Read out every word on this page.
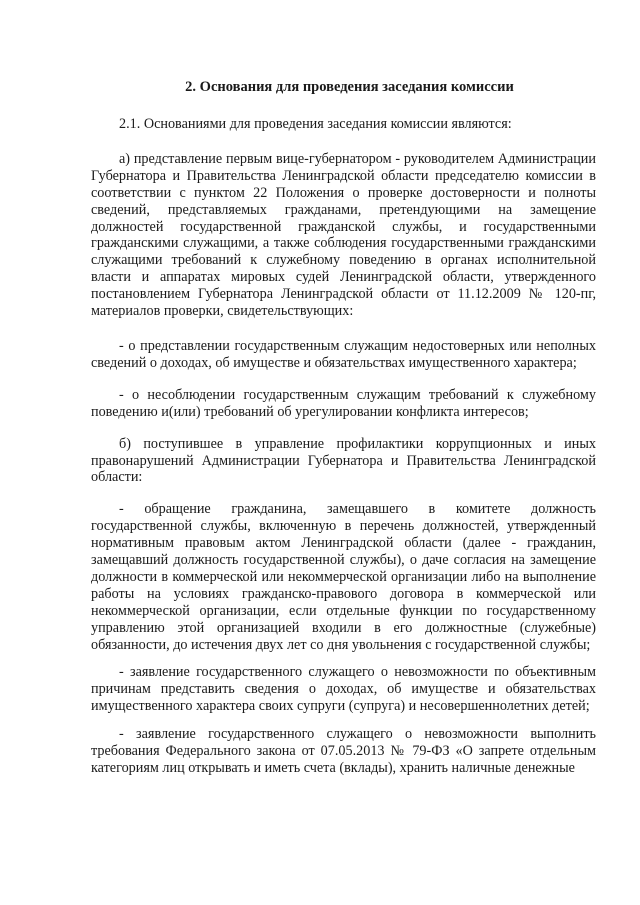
2. Основания для проведения заседания комиссии

2.1. Основаниями для проведения заседания комиссии являются:

а) представление первым вице-губернатором - руководителем Администрации Губернатора и Правительства Ленинградской области председателю комиссии в соответствии с пунктом 22 Положения о проверке достоверности и полноты сведений, представляемых гражданами, претендующими на замещение должностей государственной гражданской службы, и государственными гражданскими служащими, а также соблюдения государственными гражданскими служащими требований к служебному поведению в органах исполнительной власти и аппаратах мировых судей Ленинградской области, утвержденного постановлением Губернатора Ленинградской области от 11.12.2009 № 120-пг, материалов проверки, свидетельствующих:

- о представлении государственным служащим недостоверных или неполных сведений о доходах, об имуществе и обязательствах имущественного характера;

- о несоблюдении государственным служащим требований к служебному поведению и(или) требований об урегулировании конфликта интересов;

б) поступившее в управление профилактики коррупционных и иных правонарушений Администрации Губернатора и Правительства Ленинградской области:

- обращение гражданина, замещавшего в комитете должность государственной службы, включенную в перечень должностей, утвержденный нормативным правовым актом Ленинградской области (далее - гражданин, замещавший должность государственной службы), о даче согласия на замещение должности в коммерческой или некоммерческой организации либо на выполнение работы на условиях гражданско-правового договора в коммерческой или некоммерческой организации, если отдельные функции по государственному управлению этой организацией входили в его должностные (служебные) обязанности, до истечения двух лет со дня увольнения с государственной службы;

- заявление государственного служащего о невозможности по объективным причинам представить сведения о доходах, об имуществе и обязательствах имущественного характера своих супруги (супруга) и несовершеннолетних детей;

- заявление государственного служащего о невозможности выполнить требования Федерального закона от 07.05.2013 № 79-ФЗ «О запрете отдельным категориям лиц открывать и иметь счета (вклады), хранить наличные денежные
